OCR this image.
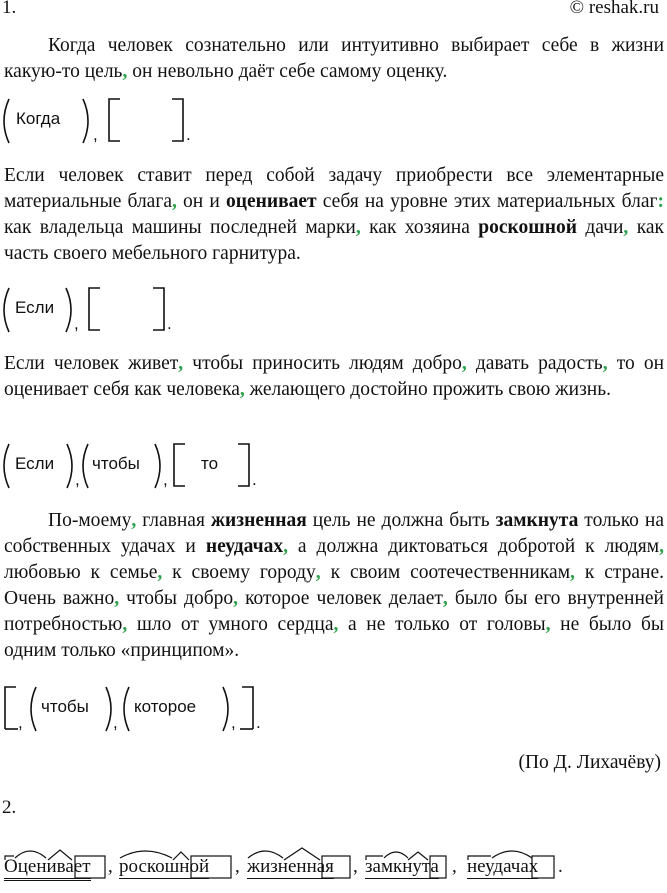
1.	© reshak.ru

Когда человек сознательно или интуитивно выбирает себе в жизни какую-то цель, он невольно даёт себе самому оценку.

Когда
,	.

Если человек ставит перед собой задачу приобрести все элементарные материальные блага, он и оценивает себя на уровне этих материальных благ: как владельца машины последней марки, как хозяина роскошной дачи, как часть своего мебельного гарнитура.

Если
,	.

Если человек живет, чтобы приносить людям добро, давать радость, то он оценивает себя как человека, желающего достойно прожить свою жизнь.

Если
,
чтобы
,
то
.

По-моему, главная жизненная цель не должна быть замкнута только на собственных удачах и неудачах, а должна диктоваться добротой к людям, любовью к семье, к своему городу, к своим соотечественникам, к стране. Очень важно, чтобы добро, которое человек делает, было бы его внутренней потребностью, шло от умного сердца, а не только от головы, не было бы одним только «принципом».

,
чтобы
,
которое
, .
(По Д. Лихачёву)
2.
Оценивает , роскошной , жизненная , замкнута , неудачах .
